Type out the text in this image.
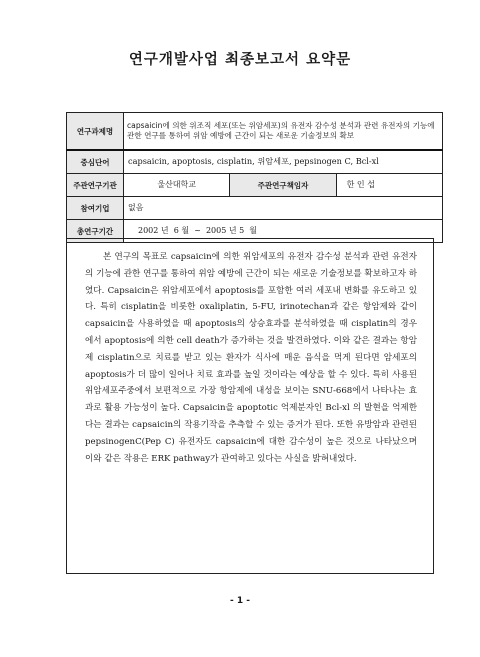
연구개발사업 최종보고서 요약문
연구과제명	capsaicin에 의한 위조직 세포(또는 위암세포)의 유전자 감수성 분석과 관련 유전자의 기능에 관한 연구를 통하여 위암 예방에 근간이 되는 새로운 기술정보의 확보		
중심단어	capsaicin, apoptosis, cisplatin, 위암세포, pepsinogen C, Bcl-xl		
주관연구기관	울산대학교	주관연구책임자	한 인 섭
참여기업	없음		
총연구기간	2002 년  6 월  ~  2005 년 5  월		

본 연구의 목표로 capsaicin에 의한 위암세포의 유전자 감수성 분석과 관련 유전자의 기능에 관한 연구를 통하여 위암 예방에 근간이 되는 새로운 기술정보를 확보하고자 하였다. Capsaicin은 위암세포에서 apoptosis를 포함한 여러 세포내 변화를 유도하고 있다. 특히 cisplatin을 비롯한 oxaliplatin, 5-FU, irinotechan과 같은 항암제와 같이 capsaicin을 사용하였을 때 apoptosis의 상승효과를 분석하였을 때 cisplatin의 경우에서 apoptosis에 의한 cell death가 증가하는 것을 발견하였다. 이와 같은 결과는 항암제 cisplatin으로 치료를 받고 있는 환자가 식사에 매운 음식을 먹게 된다면 암세포의 apoptosis가 더 많이 일어나 치료 효과를 높일 것이라는 예상을 할 수 있다. 특히 사용된 위암세포주중에서 보편적으로 가장 항암제에 내성을 보이는 SNU-668에서 나타나는 효과로 활용 가능성이 높다. Capsaicin을 apoptotic 억제분자인 Bcl-xl 의 발현을 억제한다는 결과는 capsaicin의 작용기작을 추측할 수 있는 증거가 된다. 또한 유방암과 관련된 pepsinogenC(Pep C) 유전자도 capsaicin에 대한 감수성이 높은 것으로 나타났으며 이와 같은 작용은 ERK pathway가 관여하고 있다는 사실을 밝혀내었다.

- 1 -
